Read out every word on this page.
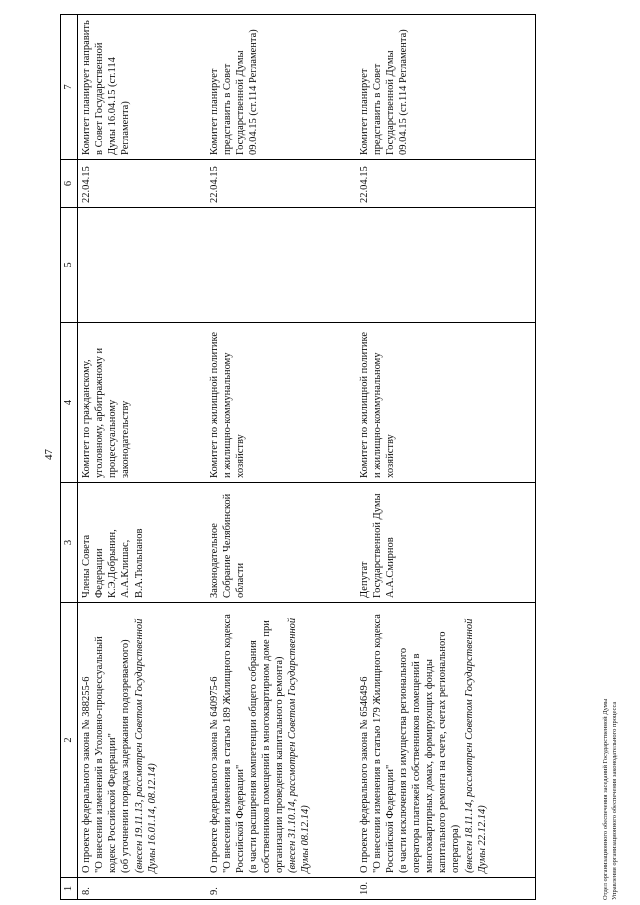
47
1	2	3	4	5	6	7
8.	О проекте федерального закона № 388255-6 "О внесении изменений в Уголовно-процессуальный кодекс Российской Федерации" (об уточнении порядка задержания подозреваемого) (внесен 19.11.13, рассмотрен Советом Государственной Думы 16.01.14, 08.12.14)	Члены Совета Федерации К.Э.Добрынин, А.А.Клишас, В.А.Тюльпанов	Комитет по гражданскому, уголовному, арбитражному и процессуальному законодательству		22.04.15	Комитет планирует направить в Совет Государственной Думы 16.04.15 (ст.114 Регламента)
9.	О проекте федерального закона № 640975-6 "О внесении изменения в статью 189 Жилищного кодекса Российской Федерации" (в части расширения компетенции общего собрания собственников помещений в многоквартирном доме при организации проведения капитального ремонта) (внесен 31.10.14, рассмотрен Советом Государственной Думы 08.12.14)	Законодательное Собрание Челябинской области	Комитет по жилищной политике и жилищно-коммунальному хозяйству		22.04.15	Комитет планирует представить в Совет Государственной Думы 09.04.15 (ст.114 Регламента)
10.	О проекте федерального закона № 654649-6 "О внесении изменения в статью 179 Жилищного кодекса Российской Федерации" (в части исключения из имущества регионального оператора платежей собственников помещений в многоквартирных домах, формирующих фонды капитального ремонта на счете, счетах регионального оператора) (внесен 18.11.14, рассмотрен Советом Государственной Думы 22.12.14)	Депутат Государственной Думы А.А.Смирнов	Комитет по жилищной политике и жилищно-коммунальному хозяйству		22.04.15	Комитет планирует представить в Совет Государственной Думы 09.04.15 (ст.114 Регламента)
Отдел организационного обеспечения заседаний Государственной Думы Управления организационного обеспечения законодательного процесса
